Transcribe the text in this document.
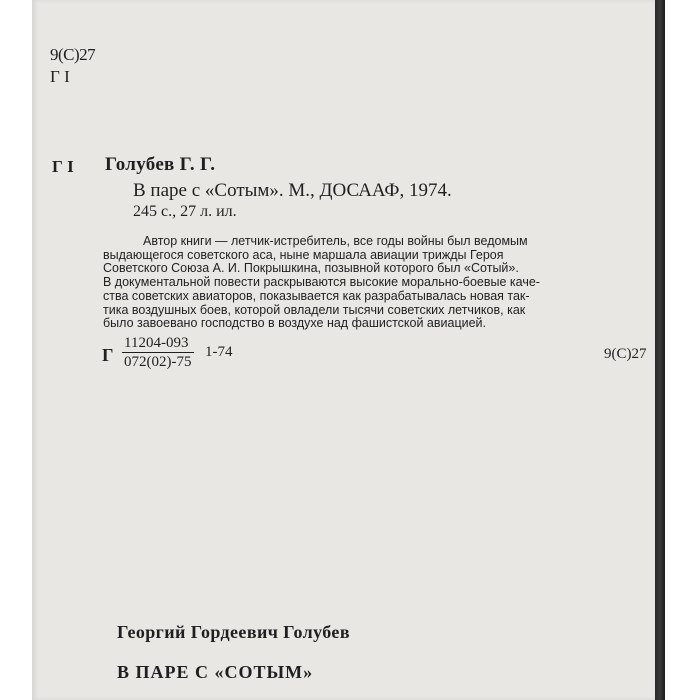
9(С)27
Г I
Г I Голубев Г. Г.
В паре с «Сотым». М., ДОСААФ, 1974.
245 с., 27 л. ил.
Автор книги — летчик-истребитель, все годы войны был ведомым
выдающегося советского аса, ныне маршала авиации трижды Героя
Советского Союза А. И. Покрышкина, позывной которого был «Сотый».
В документальной повести раскрываются высокие морально-боевые каче-
ства советских авиаторов, показывается как разрабатывалась новая так-
тика воздушных боев, которой овладели тысячи советских летчиков, как
было завоевано господство в воздухе над фашистской авиацией.
Г $\frac{11204-093}{072(02)-75} 1-74$	9(С)27
Георгий Гордеевич Голубев
В ПАРЕ С «СОТЫМ»
